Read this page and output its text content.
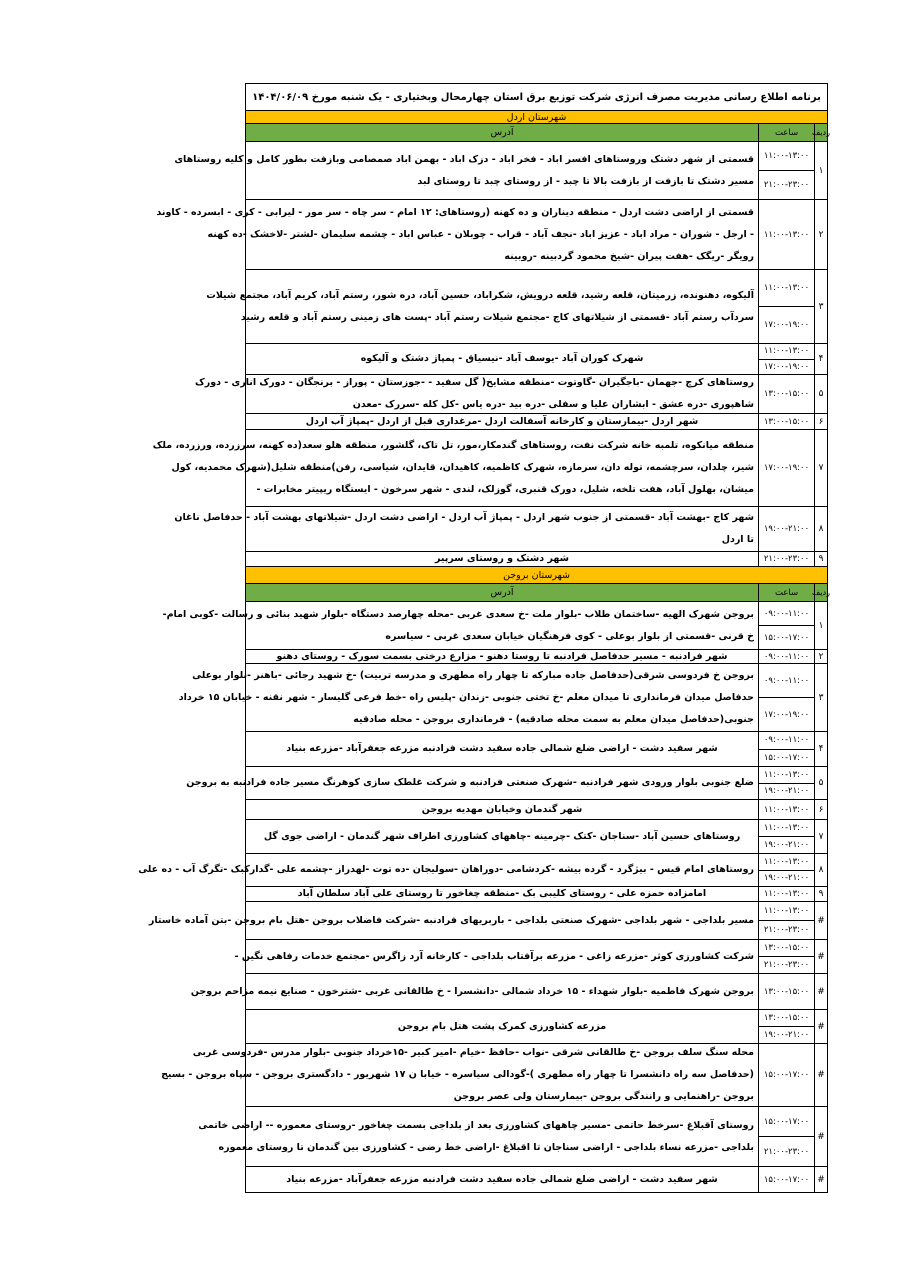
برنامه اطلاع رسانی مدیریت مصرف انرژی شرکت توزیع برق استان چهارمحال وبختیاری - یک شنبه مورخ ۱۴۰۴/۰۶/۰۹
شهرستان اردل
ردیف
ساعت
آدرس
۱
۱۱:۰۰-۱۳:۰۰
۲۱:۰۰-۲۳:۰۰
قسمتی از شهر دشتک وروستاهای افسر اباد - فخر اباد - دزک اباد - بهمن اباد صمصامی وبازفت بطور کامل و کلیه روستاهای
مسیر دشتک تا بازفت از بازفت بالا تا چبد - از روستای چبد تا روستای لبد
۲
۱۱:۰۰-۱۳:۰۰
قسمتی از اراضی دشت اردل - منطقه دیناران و ده کهنه (روستاهای: ۱۲ امام - سر چاه - سر مور - لیرابی - کری - ابسرده - کاوند
- ارجل - شوران - مراد اباد - عزیز اباد -نجف آباد - قراب - چوبلان - عباس اباد - چشمه سلیمان -لشتر -لاخشک -ده کهنه
رویگر -ریگک -هفت پیران -شیخ محمود گردبینه -روبینه
۳
۱۱:۰۰-۱۳:۰۰
۱۷:۰۰-۱۹:۰۰
آلیکوه، دهنونده، زرمیتان، قلعه رشید، قلعه درویش، شکراباد، حسین آباد، دره شور، رستم آباد، کریم آباد، مجتمع شیلات
سردآب رستم آباد -قسمتی از شیلاتهای کاج -مجتمع شیلات رستم آباد -پست های زمینی رستم آباد و قلعه رشید
۴
۱۱:۰۰-۱۳:۰۰
۱۷:۰۰-۱۹:۰۰
شهرک کوران آباد -یوسف آباد -نیسیاق - پمپاژ دشتک و آلیکوه
۵
۱۳:۰۰-۱۵:۰۰
روستاهای کرچ -جهمان -باجگیران -گاوتوت -منطقه مشایخ( گل سفید - -جوزستان - پوراز - برنجگان - دورک اناری - دورک
شاهپوری -دره عشق - ابشاران علیا و سفلی -دره بید -دره یاس -کل کله -سررک -معدن
۶
۱۳:۰۰-۱۵:۰۰
شهر اردل -بیمارستان و کارخانه آسفالت اردل -مرغداری قبل از اردل -پمپاژ آب اردل
۷
۱۷:۰۰-۱۹:۰۰
منطقه میانکوه، تلمبه خانه شرکت نفت، روستاهای گندمکار،مور، تل تاک، گلشور، منطقه هلو سعد(ده کهنه، سرزرده، ورزرده، ملک
شیر، چلدان، سرچشمه، توله دان، سرمازه، شهرک کاظمیه، کاهیدان، قایدان، شیاسی، رفن)منطقه شلیل(شهرک محمدیه، کول
میشان، بهلول آباد، هفت تلخه، شلیل، دورک قنبری، گوزلک، لندی - شهر سرخون - ایستگاه ریپیتر مخابرات -
۸
۱۹:۰۰-۲۱:۰۰
شهر کاج -بهشت آباد -قسمتی از جنوب شهر اردل - پمپاژ آب اردل - اراضی دشت اردل -شیلاتهای بهشت آباد - حدفاصل ناغان
تا اردل
۹
۲۱:۰۰-۲۳:۰۰
شهر دشتک و روستای سرپیر
شهرستان بروجن
ردیف
ساعت
آدرس
۱
۰۹:۰۰-۱۱:۰۰
۱۵:۰۰-۱۷:۰۰
بروجن شهرک الهیه -ساختمان طلاب -بلوار ملت -خ سعدی غربی -محله چهارصد دستگاه -بلوار شهید بنائی و رسالت -کوبی امام-
خ قرنی -قسمتی از بلوار بوعلی - کوی فرهنگیان خیابان سعدی غربی - سیاسره
۲
۰۹:۰۰-۱۱:۰۰
شهر فرادنبه - مسیر حدفاصل فرادنبه تا روستا دهنو - مزارع درختی بسمت سورک - روستای دهنو
۳
۰۹:۰۰-۱۱:۰۰
۱۷:۰۰-۱۹:۰۰
بروجن خ فردوسی شرقی(حدفاصل جاده مبارکه تا چهار راه مطهری و مدرسه تربیت) -خ شهید رجائی -باهنر -بلوار بوعلی
حدفاصل میدان فرمانداری تا میدان معلم -خ تختی جنوبی -زندان -پلیس راه -خط فرعی گلیسار - شهر نقنه - خیابان ۱۵ خرداد
جنوبی(حدفاصل میدان معلم به سمت محله صادقیه) - فرمانداری بروجن - محله صادقیه
۴
۰۹:۰۰-۱۱:۰۰
۱۵:۰۰-۱۷:۰۰
شهر سفید دشت - اراضی ضلع شمالی جاده سفید دشت فرادنبه مزرعه جعفرآباد -مزرعه بنیاد
۵
۱۱:۰۰-۱۳:۰۰
۱۹:۰۰-۲۱:۰۰
ضلع جنوبی بلوار ورودی شهر فرادنبه -شهرک صنعتی فرادنبه و شرکت غلطک سازی کوهرنگ مسیر جاده فرادنبه به بروجن
۶
۱۱:۰۰-۱۳:۰۰
شهر گندمان وخیابان مهدیه بروجن
۷
۱۱:۰۰-۱۳:۰۰
۱۹:۰۰-۲۱:۰۰
روستاهای حسین آباد -سناجان -کتک -چرمینه -چاههای کشاورزی اطراف شهر گندمان - اراضی جوی گل
۸
۱۱:۰۰-۱۳:۰۰
۱۹:۰۰-۲۱:۰۰
روستاهای امام قیس - بیژگرد - گرده بیشه -کردشامی -دوراهان -سولیجان -ده توت -لهدراز -چشمه علی -گدارکبک -تگرگ آب - ده علی
۹
۱۱:۰۰-۱۳:۰۰
امامزاده حمزه علی - روستای کلیبی بک -منطقه چغاخور تا روستای علی آباد سلطان آباد
#
۱۱:۰۰-۱۳:۰۰
۲۱:۰۰-۲۳:۰۰
مسیر بلداجی - شهر بلداجی -شهرک صنعتی بلداجی - باربریهای فرادنبه -شرکت فاضلاب بروجن -هتل بام بروجن -بتن آماده خاستار
#
۱۳:۰۰-۱۵:۰۰
۲۱:۰۰-۲۳:۰۰
شرکت کشاورزی کوثر -مزرعه زاغی - مزرعه برآفتاب بلداجی - کارخانه آرد زاگرس -مجتمع خدمات رفاهی نگین -
#
۱۳:۰۰-۱۵:۰۰
بروجن شهرک فاطمیه -بلوار شهداء - ۱۵ خرداد شمالی -دانشسرا - خ طالقانی غربی -شترخون - صنایع نیمه مزاحم بروجن
#
۱۳:۰۰-۱۵:۰۰
۱۹:۰۰-۲۱:۰۰
مزرعه کشاورزی کمرک پشت هتل بام بروجن
#
۱۵:۰۰-۱۷:۰۰
محله سنگ سلف بروجن -خ طالقانی شرقی -نواب -حافظ -خیام -امیر کبیر -۱۵خرداد جنوبی -بلوار مدرس -فردوسی غربی
(حدفاصل سه راه دانشسرا تا چهار راه مطهری )-گودالی سیاسره - خیابا ن ۱۷ شهریور - دادگستری بروجن - سپاه بروجن - بسیج
بروجن -راهنمایی و رانندگی بروجن -بیمارستان ولی عصر بروجن
#
۱۵:۰۰-۱۷:۰۰
۲۱:۰۰-۲۳:۰۰
روستای آقبلاغ -سرخط حاتمی -مسیر چاههای کشاورزی بعد از بلداجی بسمت چغاخور -روستای معموره -- اراضی خاتمی
بلداجی -مزرعه نساء بلداجی - اراضی سناجان تا اقبلاغ -اراضی خط رضی - کشاورزی بین گندمان تا روستای معموره
#
۱۵:۰۰-۱۷:۰۰
شهر سفید دشت - اراضی ضلع شمالی جاده سفید دشت فرادنبه مزرعه جعفرآباد -مزرعه بنیاد
